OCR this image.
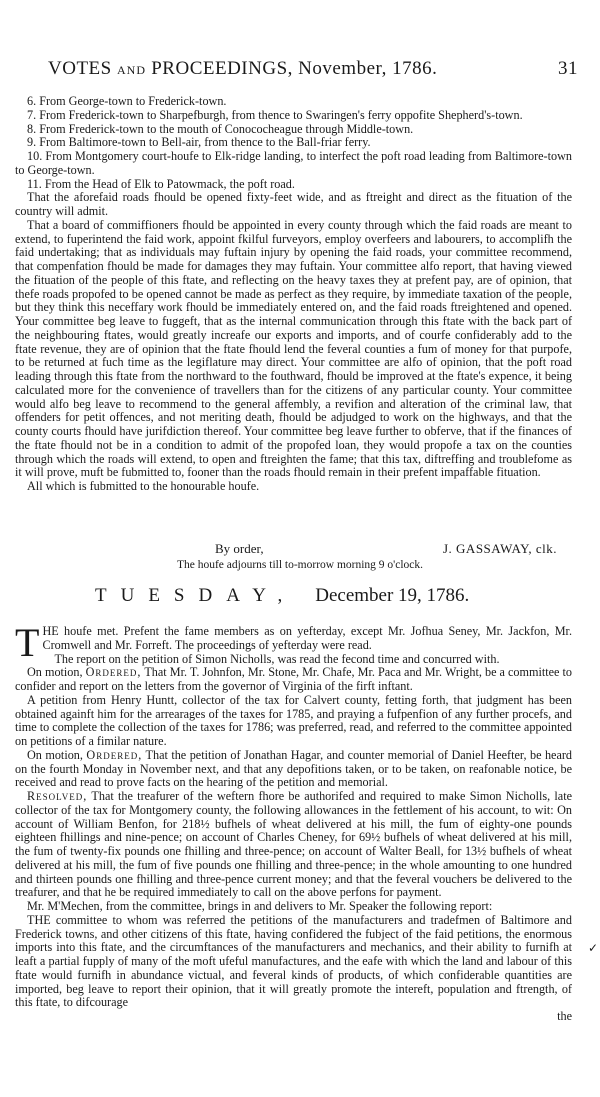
VOTES AND PROCEEDINGS, November, 1786.	31

6. From George-town to Frederick-town.

7. From Frederick-town to Sharpefburgh, from thence to Swaringen's ferry oppofite Shepherd's-town.

8. From Frederick-town to the mouth of Conococheague through Middle-town.

9. From Baltimore-town to Bell-air, from thence to the Ball-friar ferry.

10. From Montgomery court-houfe to Elk-ridge landing, to interfect the poft road leading from Baltimore-town to George-town.

11. From the Head of Elk to Patowmack, the poft road.

That the aforefaid roads fhould be opened fixty-feet wide, and as ftreight and direct as the fituation of the country will admit.

That a board of commiffioners fhould be appointed in every county through which the faid roads are meant to extend, to fuperintend the faid work, appoint fkilful furveyors, employ overfeers and labourers, to accomplifh the faid undertaking; that as individuals may fuftain injury by opening the faid roads, your committee recommend, that compenfation fhould be made for damages they may fuftain. Your committee alfo report, that having viewed the fituation of the people of this ftate, and reflecting on the heavy taxes they at prefent pay, are of opinion, that thefe roads propofed to be opened cannot be made as perfect as they require, by immediate taxation of the people, but they think this neceffary work fhould be immediately entered on, and the faid roads ftreightened and opened. Your committee beg leave to fuggeft, that as the internal communication through this ftate with the back part of the neighbouring ftates, would greatly increafe our exports and imports, and of courfe confiderably add to the ftate revenue, they are of opinion that the ftate fhould lend the feveral counties a fum of money for that purpofe, to be returned at fuch time as the legiflature may direct. Your committee are alfo of opinion, that the poft road leading through this ftate from the northward to the fouthward, fhould be improved at the ftate's expence, it being calculated more for the convenience of travellers than for the citizens of any particular county. Your committee would alfo beg leave to recommend to the general affembly, a revifion and alteration of the criminal law, that offenders for petit offences, and not meriting death, fhould be adjudged to work on the highways, and that the county courts fhould have jurifdiction thereof. Your committee beg leave further to obferve, that if the finances of the ftate fhould not be in a condition to admit of the propofed loan, they would propofe a tax on the counties through which the roads will extend, to open and ftreighten the fame; that this tax, diftreffing and troublefome as it will prove, muft be fubmitted to, fooner than the roads fhould remain in their prefent impaffable fituation.

All which is fubmitted to the honourable houfe.

By order,	J. GASSAWAY, clk.
The houfe adjourns till to-morrow morning 9 o'clock.
TUESDAY, December 19, 1786.

THE houfe met. Prefent the fame members as on yefterday, except Mr. Jofhua Seney, Mr. Jackfon, Mr. Cromwell and Mr. Forreft. The proceedings of yefterday were read.

The report on the petition of Simon Nicholls, was read the fecond time and concurred with.

On motion, Ordered, That Mr. T. Johnfon, Mr. Stone, Mr. Chafe, Mr. Paca and Mr. Wright, be a committee to confider and report on the letters from the governor of Virginia of the firft inftant.

A petition from Henry Huntt, collector of the tax for Calvert county, fetting forth, that judgment has been obtained againft him for the arrearages of the taxes for 1785, and praying a fufpenfion of any further procefs, and time to complete the collection of the taxes for 1786; was preferred, read, and referred to the committee appointed on petitions of a fimilar nature.

On motion, Ordered, That the petition of Jonathan Hagar, and counter memorial of Daniel Heefter, be heard on the fourth Monday in November next, and that any depofitions taken, or to be taken, on reafonable notice, be received and read to prove facts on the hearing of the petition and memorial.

Resolved, That the treafurer of the weftern fhore be authorifed and required to make Simon Nicholls, late collector of the tax for Montgomery county, the following allowances in the fettlement of his account, to wit: On account of William Benfon, for 218½ bufhels of wheat delivered at his mill, the fum of eighty-one pounds eighteen fhillings and nine-pence; on account of Charles Cheney, for 69½ bufhels of wheat delivered at his mill, the fum of twenty-fix pounds one fhilling and three-pence; on account of Walter Beall, for 13½ bufhels of wheat delivered at his mill, the fum of five pounds one fhilling and three-pence; in the whole amounting to one hundred and thirteen pounds one fhilling and three-pence current money; and that the feveral vouchers be delivered to the treafurer, and that he be required immediately to call on the above perfons for payment.

Mr. M'Mechen, from the committee, brings in and delivers to Mr. Speaker the following report:

THE committee to whom was referred the petitions of the manufacturers and tradefmen of Baltimore and Frederick towns, and other citizens of this ftate, having confidered the fubject of the faid petitions, the enormous imports into this ftate, and the circumftances of the manufacturers and mechanics, and their ability to furnifh at leaft a partial fupply of many of the moft ufeful manufactures, and the eafe with which the land and labour of this ftate would furnifh in abundance victual, and feveral kinds of products, of which confiderable quantities are imported, beg leave to report their opinion, that it will greatly promote the intereft, population and ftrength, of this ftate, to difcourage

the

✓
